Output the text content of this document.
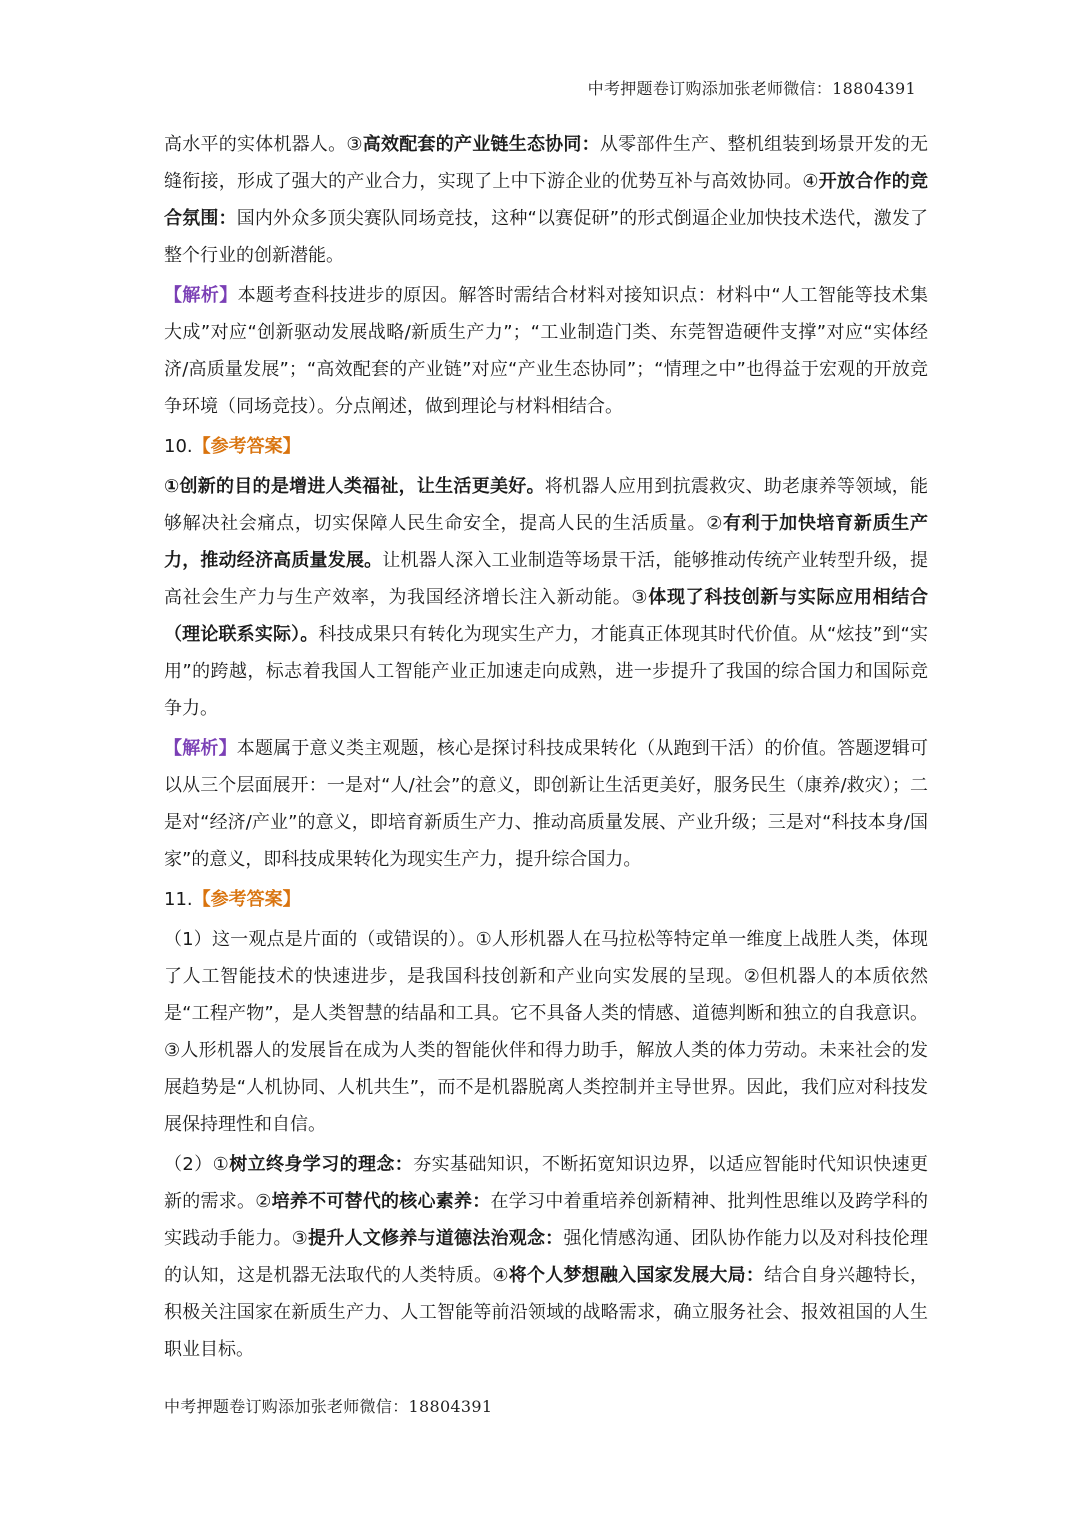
中考押题卷订购添加张老师微信：18804391

高水平的实体机器人。③高效配套的产业链生态协同：从零部件生产、整机组装到场景开发的无缝衔接，形成了强大的产业合力，实现了上中下游企业的优势互补与高效协同。④开放合作的竞合氛围：国内外众多顶尖赛队同场竞技，这种“以赛促研”的形式倒逼企业加快技术迭代，激发了整个行业的创新潜能。

【解析】本题考查科技进步的原因。解答时需结合材料对接知识点：材料中“人工智能等技术集大成”对应“创新驱动发展战略/新质生产力”；“工业制造门类、东莞智造硬件支撑”对应“实体经济/高质量发展”；“高效配套的产业链”对应“产业生态协同”；“情理之中”也得益于宏观的开放竞争环境（同场竞技）。分点阐述，做到理论与材料相结合。

10.【参考答案】

①创新的目的是增进人类福祉，让生活更美好。将机器人应用到抗震救灾、助老康养等领域，能够解决社会痛点，切实保障人民生命安全，提高人民的生活质量。②有利于加快培育新质生产力，推动经济高质量发展。让机器人深入工业制造等场景干活，能够推动传统产业转型升级，提高社会生产力与生产效率，为我国经济增长注入新动能。③体现了科技创新与实际应用相结合（理论联系实际）。科技成果只有转化为现实生产力，才能真正体现其时代价值。从“炫技”到“实用”的跨越，标志着我国人工智能产业正加速走向成熟，进一步提升了我国的综合国力和国际竞争力。

【解析】本题属于意义类主观题，核心是探讨科技成果转化（从跑到干活）的价值。答题逻辑可以从三个层面展开：一是对“人/社会”的意义，即创新让生活更美好，服务民生（康养/救灾）；二是对“经济/产业”的意义，即培育新质生产力、推动高质量发展、产业升级；三是对“科技本身/国家”的意义，即科技成果转化为现实生产力，提升综合国力。

11.【参考答案】

（1）这一观点是片面的（或错误的）。①人形机器人在马拉松等特定单一维度上战胜人类，体现了人工智能技术的快速进步，是我国科技创新和产业向实发展的呈现。②但机器人的本质依然是“工程产物”，是人类智慧的结晶和工具。它不具备人类的情感、道德判断和独立的自我意识。③人形机器人的发展旨在成为人类的智能伙伴和得力助手，解放人类的体力劳动。未来社会的发展趋势是“人机协同、人机共生”，而不是机器脱离人类控制并主导世界。因此，我们应对科技发展保持理性和自信。

（2）①树立终身学习的理念：夯实基础知识，不断拓宽知识边界，以适应智能时代知识快速更新的需求。②培养不可替代的核心素养：在学习中着重培养创新精神、批判性思维以及跨学科的实践动手能力。③提升人文修养与道德法治观念：强化情感沟通、团队协作能力以及对科技伦理的认知，这是机器无法取代的人类特质。④将个人梦想融入国家发展大局：结合自身兴趣特长，积极关注国家在新质生产力、人工智能等前沿领域的战略需求，确立服务社会、报效祖国的人生职业目标。

中考押题卷订购添加张老师微信：18804391
